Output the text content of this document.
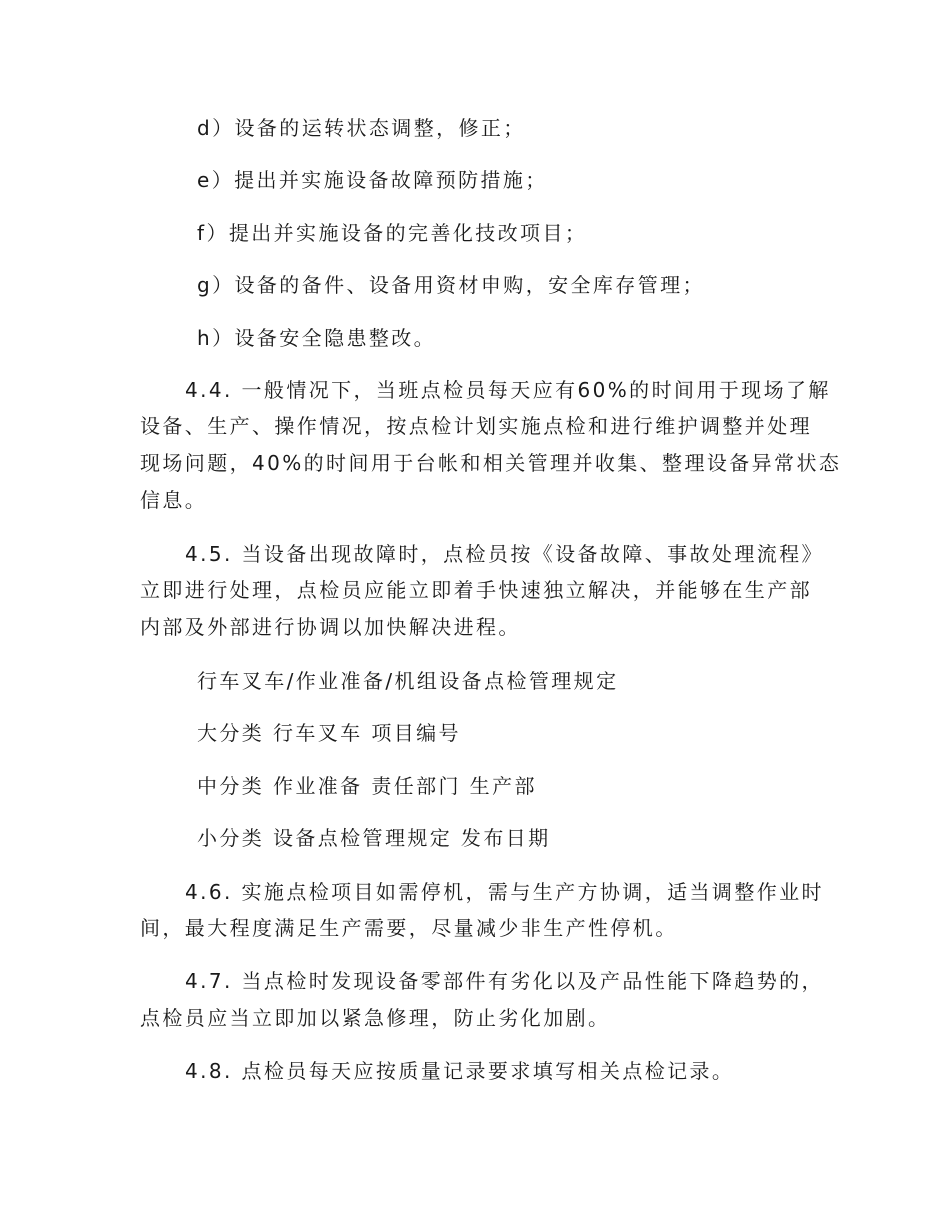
d）设备的运转状态调整，修正；
e）提出并实施设备故障预防措施；
f）提出并实施设备的完善化技改项目；
g）设备的备件、设备用资材申购，安全库存管理；
h）设备安全隐患整改。
4.4. 一般情况下，当班点检员每天应有60%的时间用于现场了解
设备、生产、操作情况，按点检计划实施点检和进行维护调整并处理
现场问题，40%的时间用于台帐和相关管理并收集、整理设备异常状态
信息。
4.5. 当设备出现故障时，点检员按《设备故障、事故处理流程》
立即进行处理，点检员应能立即着手快速独立解决，并能够在生产部
内部及外部进行协调以加快解决进程。
行车叉车/作业准备/机组设备点检管理规定
大分类 行车叉车 项目编号
中分类 作业准备 责任部门 生产部
小分类 设备点检管理规定 发布日期
4.6. 实施点检项目如需停机，需与生产方协调，适当调整作业时
间，最大程度满足生产需要，尽量减少非生产性停机。
4.7. 当点检时发现设备零部件有劣化以及产品性能下降趋势的，
点检员应当立即加以紧急修理，防止劣化加剧。
4.8. 点检员每天应按质量记录要求填写相关点检记录。
